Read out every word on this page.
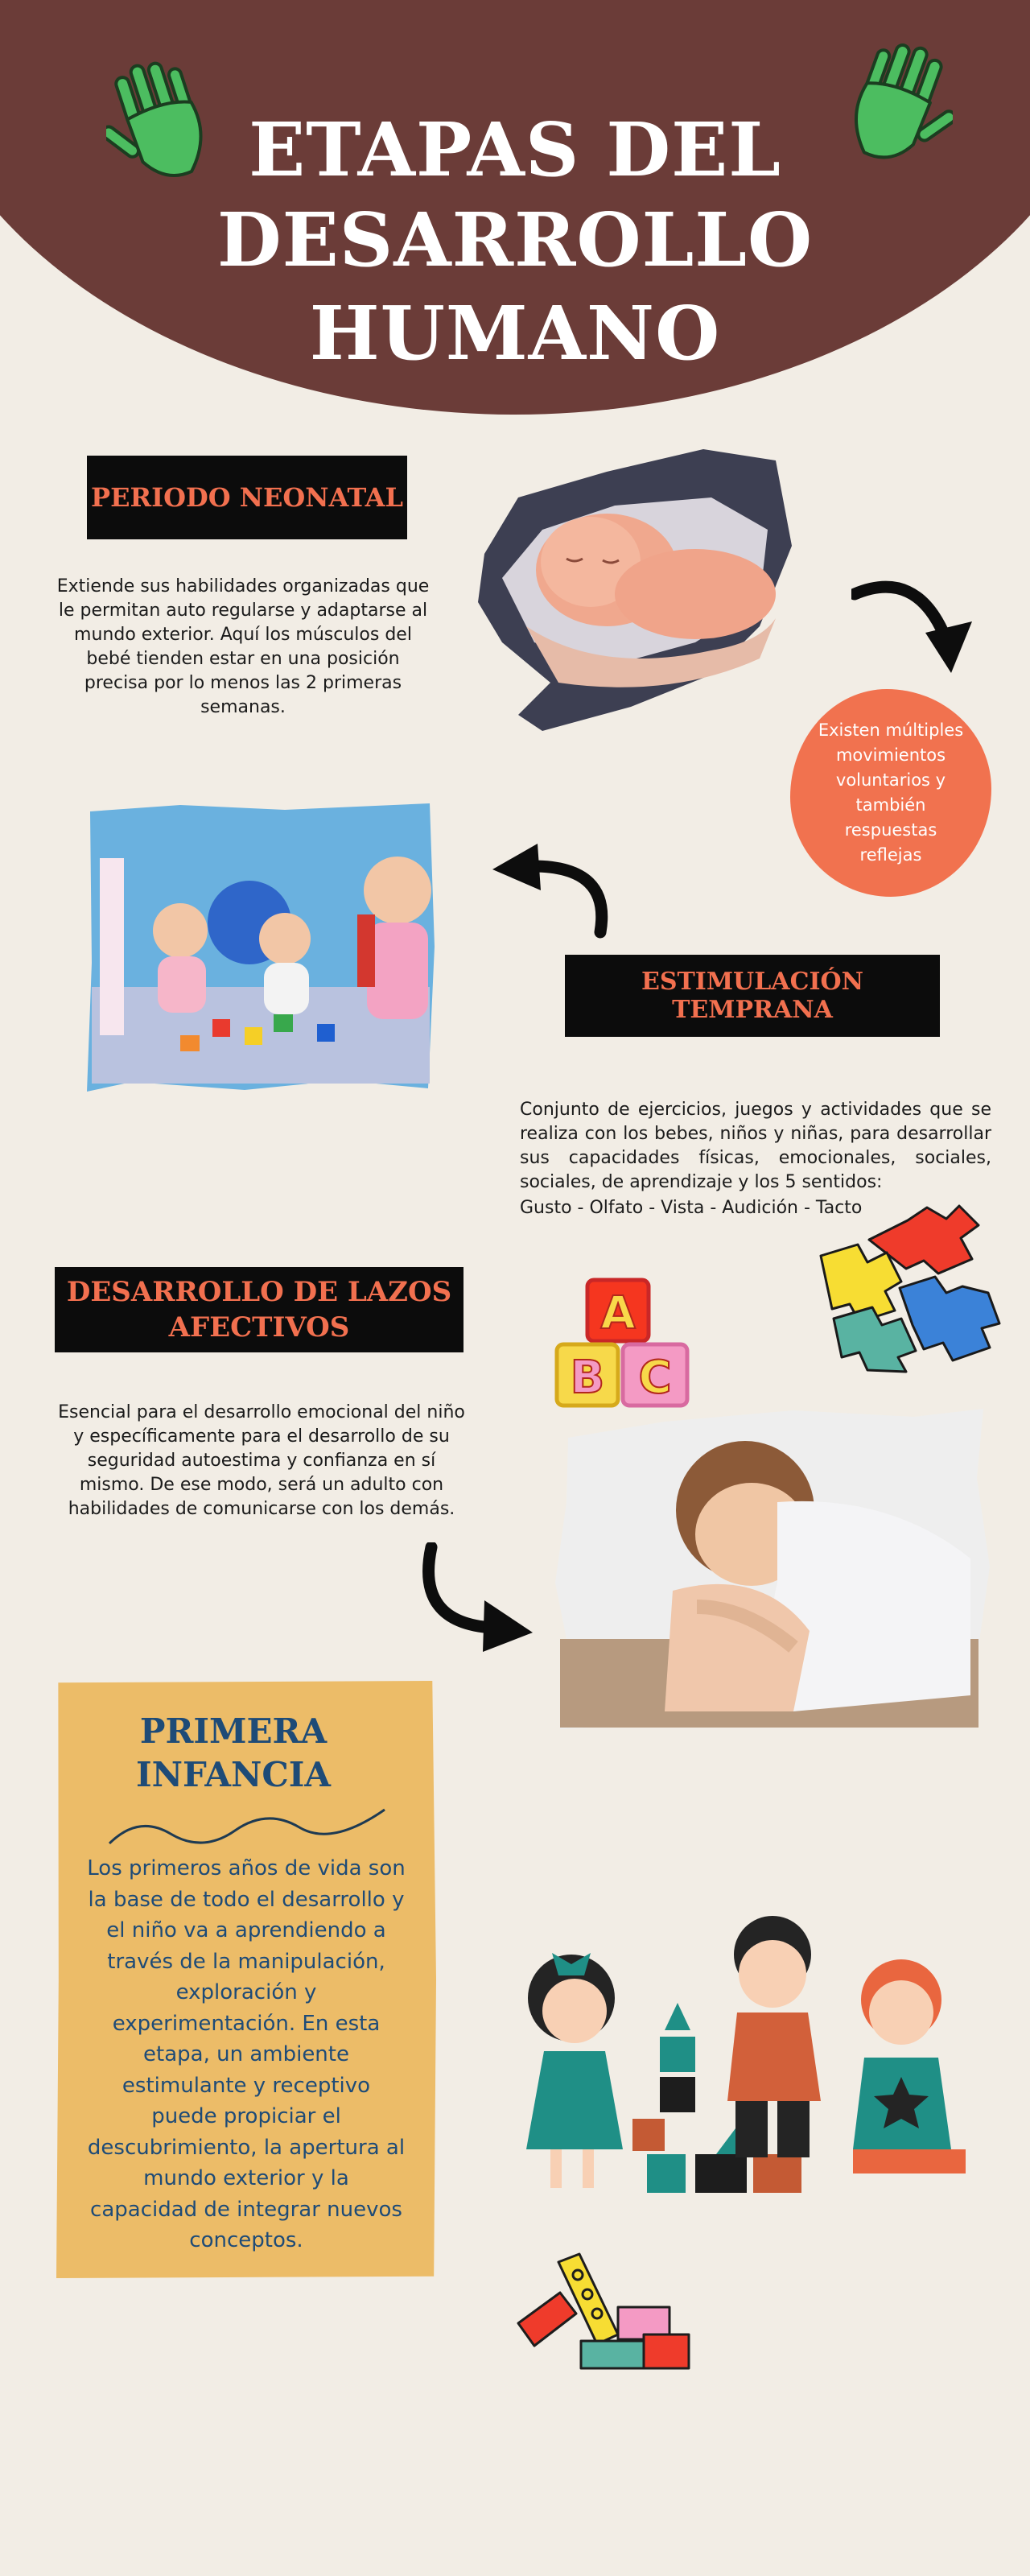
ETAPAS DEL
DESARROLLO HUMANO
PERIODO NEONATAL
Extiende sus habilidades organizadas que le permitan auto regularse y adaptarse al mundo exterior. Aquí los músculos del bebé tienden estar en una posición precisa por lo menos las 2 primeras semanas.
Existen múltiples movimientos voluntarios y también respuestas reflejas
ESTIMULACIÓN TEMPRANA
Conjunto de ejercicios, juegos y actividades que se realiza con los bebes, niños y niñas, para desarrollar sus capacidades físicas, emocionales, sociales, sociales, de aprendizaje y los 5 sentidos:
Gusto - Olfato - Vista - Audición - Tacto
DESARROLLO DE LAZOS
AFECTIVOS
Esencial para el desarrollo emocional del niño y específicamente para el desarrollo de su seguridad autoestima y confianza en sí mismo. De ese modo, será un adulto con habilidades de comunicarse con los demás.
A
B C
PRIMERA
INFANCIA
Los primeros años de vida son la base de todo el desarrollo y el niño va a aprendiendo a través de la manipulación, exploración y experimentación. En esta etapa, un ambiente estimulante y receptivo puede propiciar el descubrimiento, la apertura al mundo exterior y la capacidad de integrar nuevos conceptos.
